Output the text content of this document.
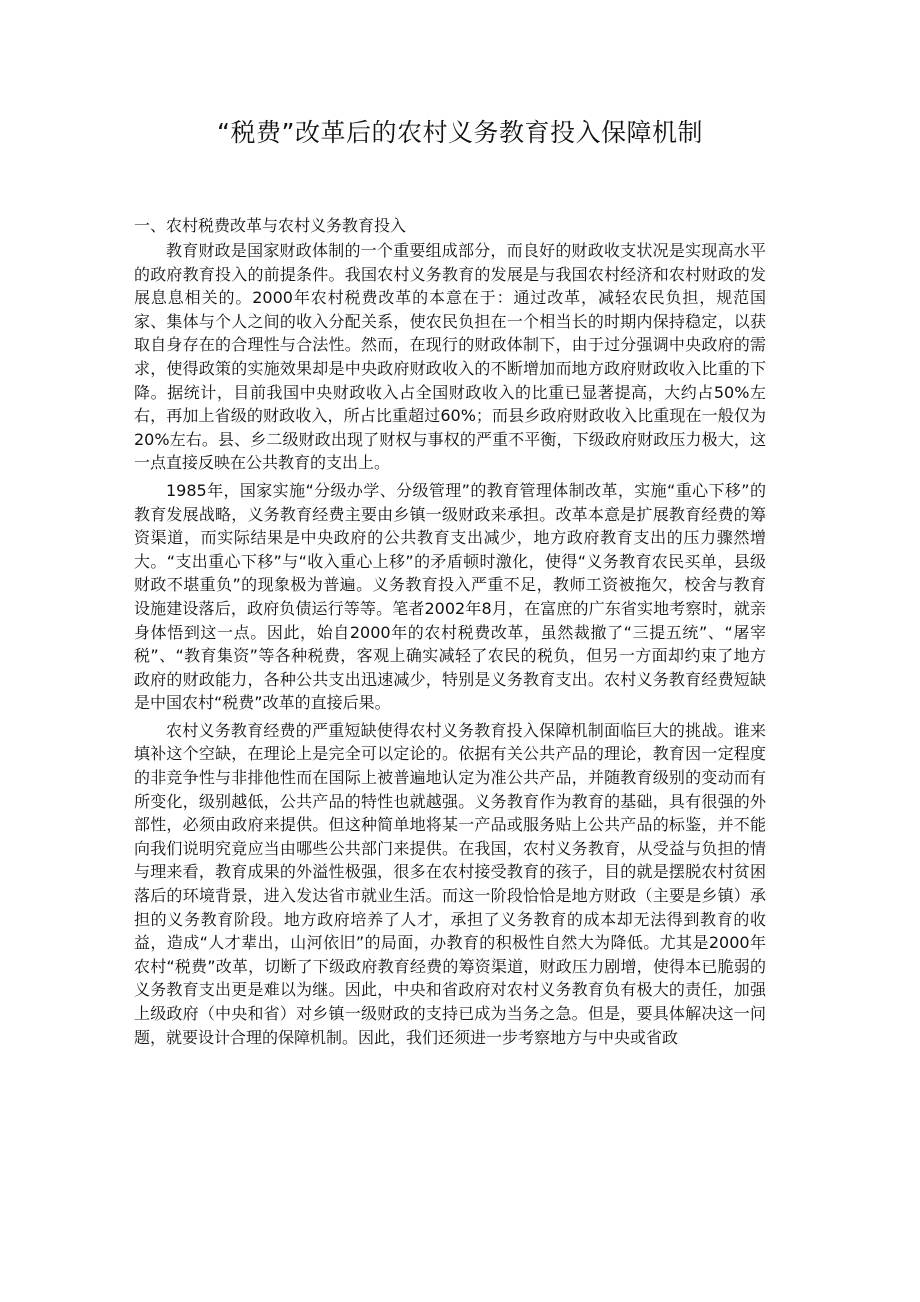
“税费”改革后的农村义务教育投入保障机制
一、农村税费改革与农村义务教育投入

教育财政是国家财政体制的一个重要组成部分，而良好的财政收支状况是实现高水平的政府教育投入的前提条件。我国农村义务教育的发展是与我国农村经济和农村财政的发展息息相关的。2000年农村税费改革的本意在于：通过改革，减轻农民负担，规范国家、集体与个人之间的收入分配关系，使农民负担在一个相当长的时期内保持稳定，以获取自身存在的合理性与合法性。然而，在现行的财政体制下，由于过分强调中央政府的需求，使得政策的实施效果却是中央政府财政收入的不断增加而地方政府财政收入比重的下降。据统计，目前我国中央财政收入占全国财政收入的比重已显著提高，大约占50%左右，再加上省级的财政收入，所占比重超过60%；而县乡政府财政收入比重现在一般仅为20%左右。县、乡二级财政出现了财权与事权的严重不平衡，下级政府财政压力极大，这一点直接反映在公共教育的支出上。

1985年，国家实施“分级办学、分级管理”的教育管理体制改革，实施“重心下移”的教育发展战略，义务教育经费主要由乡镇一级财政来承担。改革本意是扩展教育经费的筹资渠道，而实际结果是中央政府的公共教育支出减少，地方政府教育支出的压力骤然增大。“支出重心下移”与“收入重心上移”的矛盾顿时激化，使得“义务教育农民买单，县级财政不堪重负”的现象极为普遍。义务教育投入严重不足，教师工资被拖欠，校舍与教育设施建设落后，政府负债运行等等。笔者2002年8月，在富庶的广东省实地考察时，就亲身体悟到这一点。因此，始自2000年的农村税费改革，虽然裁撤了“三提五统”、“屠宰税”、“教育集资”等各种税费，客观上确实减轻了农民的税负，但另一方面却约束了地方政府的财政能力，各种公共支出迅速减少，特别是义务教育支出。农村义务教育经费短缺是中国农村“税费”改革的直接后果。

农村义务教育经费的严重短缺使得农村义务教育投入保障机制面临巨大的挑战。谁来填补这个空缺，在理论上是完全可以定论的。依据有关公共产品的理论，教育因一定程度的非竞争性与非排他性而在国际上被普遍地认定为准公共产品，并随教育级别的变动而有所变化，级别越低，公共产品的特性也就越强。义务教育作为教育的基础，具有很强的外部性，必须由政府来提供。但这种简单地将某一产品或服务贴上公共产品的标鉴，并不能向我们说明究竟应当由哪些公共部门来提供。在我国，农村义务教育，从受益与负担的情与理来看，教育成果的外溢性极强，很多在农村接受教育的孩子，目的就是摆脱农村贫困落后的环境背景，进入发达省市就业生活。而这一阶段恰恰是地方财政（主要是乡镇）承担的义务教育阶段。地方政府培养了人才，承担了义务教育的成本却无法得到教育的收益，造成“人才辈出，山河依旧”的局面，办教育的积极性自然大为降低。尤其是2000年农村“税费”改革，切断了下级政府教育经费的筹资渠道，财政压力剧增，使得本已脆弱的义务教育支出更是难以为继。因此，中央和省政府对农村义务教育负有极大的责任，加强上级政府（中央和省）对乡镇一级财政的支持已成为当务之急。但是，要具体解决这一问题，就要设计合理的保障机制。因此，我们还须进一步考察地方与中央或省政
